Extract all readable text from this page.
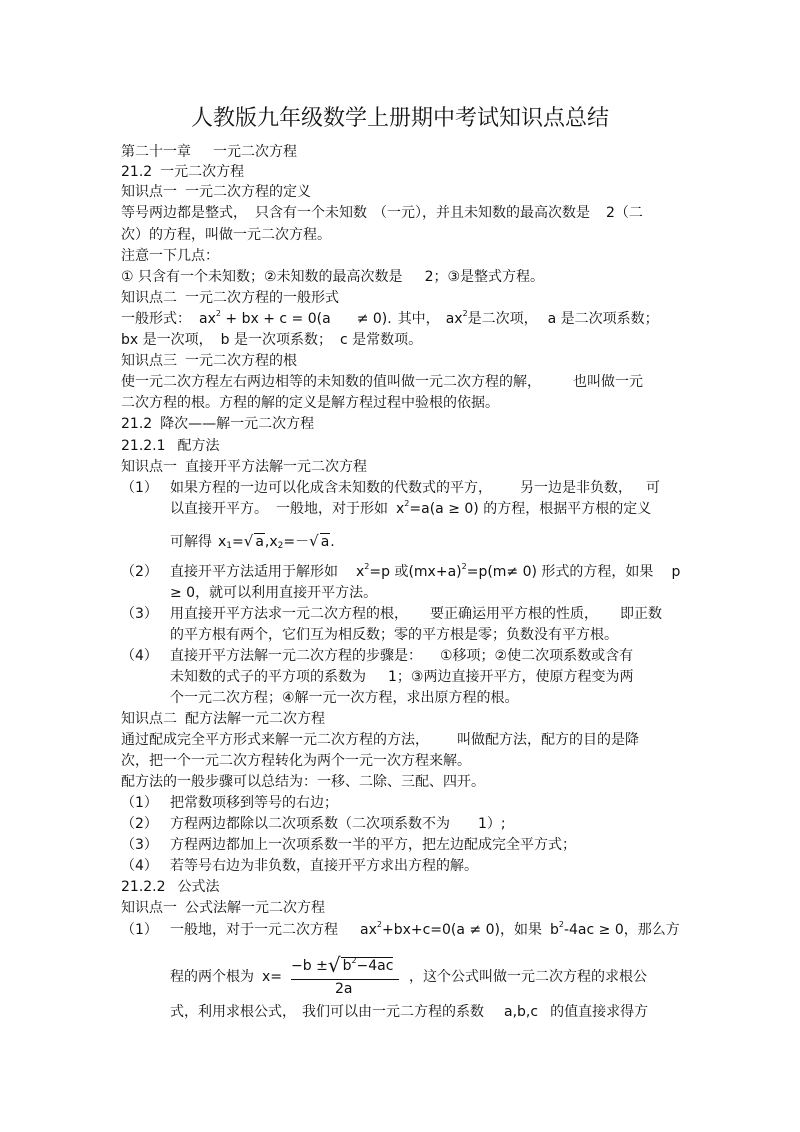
人教版九年级数学上册期中考试知识点总结
第二十一章 一元二次方程
21.2 一元二次方程
知识点一 一元二次方程的定义
等号两边都是整式， 只含有一个未知数 （一元），并且未知数的最高次数是 2（二
次）的方程，叫做一元二次方程。
注意一下几点：
① 只含有一个未知数；②未知数的最高次数是 2；③是整式方程。
知识点二 一元二次方程的一般形式
一般形式： $ax^2$ + bx + c = 0(a ≠ 0). 其中， $ax^2$是二次项， a 是二次项系数；
bx 是一次项， b 是一次项系数； c 是常数项。
知识点三 一元二次方程的根
使一元二次方程左右两边相等的未知数的值叫做一元二次方程的解， 也叫做一元
二次方程的根。方程的解的定义是解方程过程中验根的依据。
21.2 降次——解一元二次方程
21.2.1 配方法
知识点一 直接开平方法解一元二次方程
（1） 如果方程的一边可以化成含未知数的代数式的平方， 另一边是非负数， 可
以直接开平方。 一般地，对于形如 $x^2=a(a \ge 0)$ 的方程，根据平方根的定义
可解得 $x_1=√$ $a,x_2=-√$ a.
（2） 直接开平方法适用于解形如 $x^2=p$ 或$(mx+a)^2=p(m\ne 0)$ 形式的方程，如果 p
≥ 0，就可以利用直接开平方法。
（3） 用直接开平方法求一元二次方程的根， 要正确运用平方根的性质， 即正数
的平方根有两个，它们互为相反数；零的平方根是零；负数没有平方根。
（4） 直接开平方法解一元二次方程的步骤是： ①移项；②使二次项系数或含有
未知数的式子的平方项的系数为 1；③两边直接开平方，使原方程变为两
个一元二次方程；④解一元一次方程，求出原方程的根。
知识点二 配方法解一元二次方程
通过配成完全平方形式来解一元二次方程的方法， 叫做配方法，配方的目的是降
次，把一个一元二次方程转化为两个一元一次方程来解。
配方法的一般步骤可以总结为：一移、二除、三配、四开。
（1） 把常数项移到等号的右边；
（2） 方程两边都除以二次项系数（二次项系数不为 1）;
（3） 方程两边都加上一次项系数一半的平方，把左边配成完全平方式；
（4） 若等号右边为非负数，直接开平方求出方程的解。
21.2.2 公式法
知识点一 公式法解一元二次方程
（1） 一般地，对于一元二次方程 $ax^2+bx+c=0(a \ne 0)$，如果 $b^2-4ac \ge 0$，那么方
程的两个根为 x=
−b ±√ $b^2-4ac$
2a
，这个公式叫做一元二次方程的求根公
式，利用求根公式， 我们可以由一元二方程的系数 a,b,c 的值直接求得方
